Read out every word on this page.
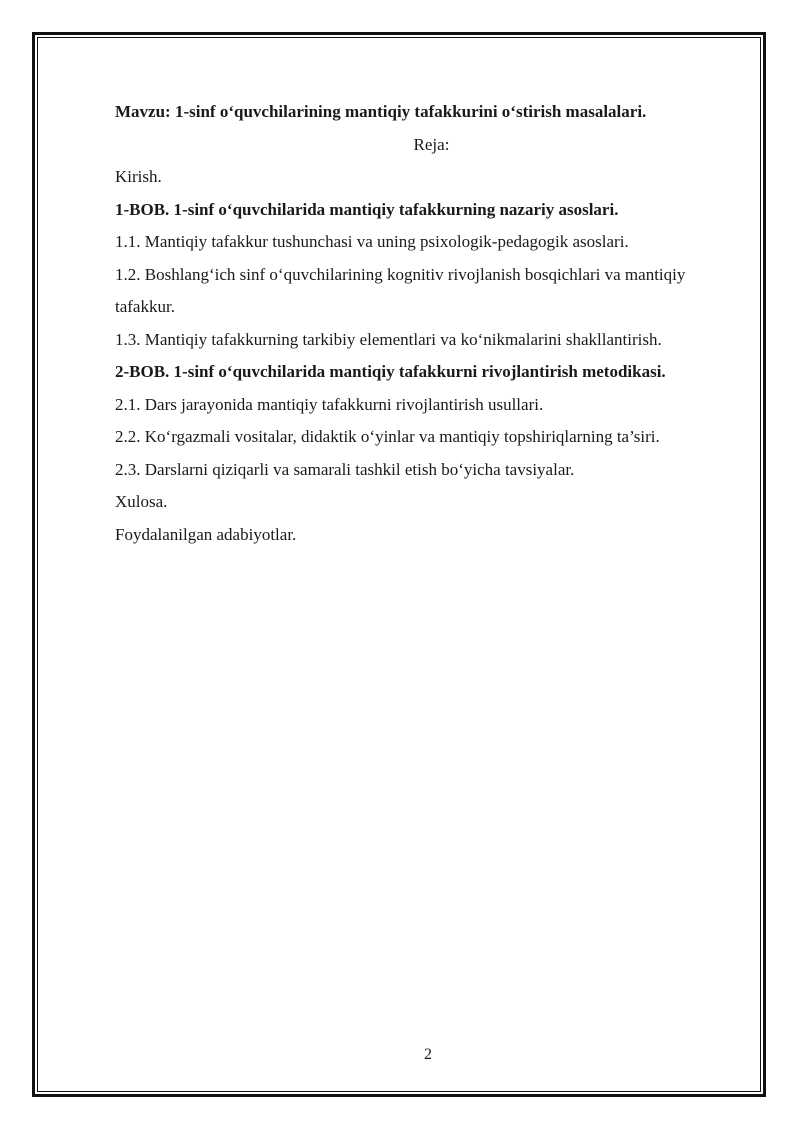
Mavzu: 1-sinf o‘quvchilarining mantiqiy tafakkurini o‘stirish masalalari.
Reja:
Kirish.
1-BOB. 1-sinf o‘quvchilarida mantiqiy tafakkurning nazariy asoslari.
1.1. Mantiqiy tafakkur tushunchasi va uning psixologik-pedagogik asoslari.
1.2. Boshlang‘ich sinf o‘quvchilarining kognitiv rivojlanish bosqichlari va mantiqiy
tafakkur.
1.3. Mantiqiy tafakkurning tarkibiy elementlari va ko‘nikmalarini shakllantirish.
2-BOB. 1-sinf o‘quvchilarida mantiqiy tafakkurni rivojlantirish metodikasi.
2.1. Dars jarayonida mantiqiy tafakkurni rivojlantirish usullari.
2.2. Ko‘rgazmali vositalar, didaktik o‘yinlar va mantiqiy topshiriqlarning ta’siri.
2.3. Darslarni qiziqarli va samarali tashkil etish bo‘yicha tavsiyalar.
Xulosa.
Foydalanilgan adabiyotlar.
2
